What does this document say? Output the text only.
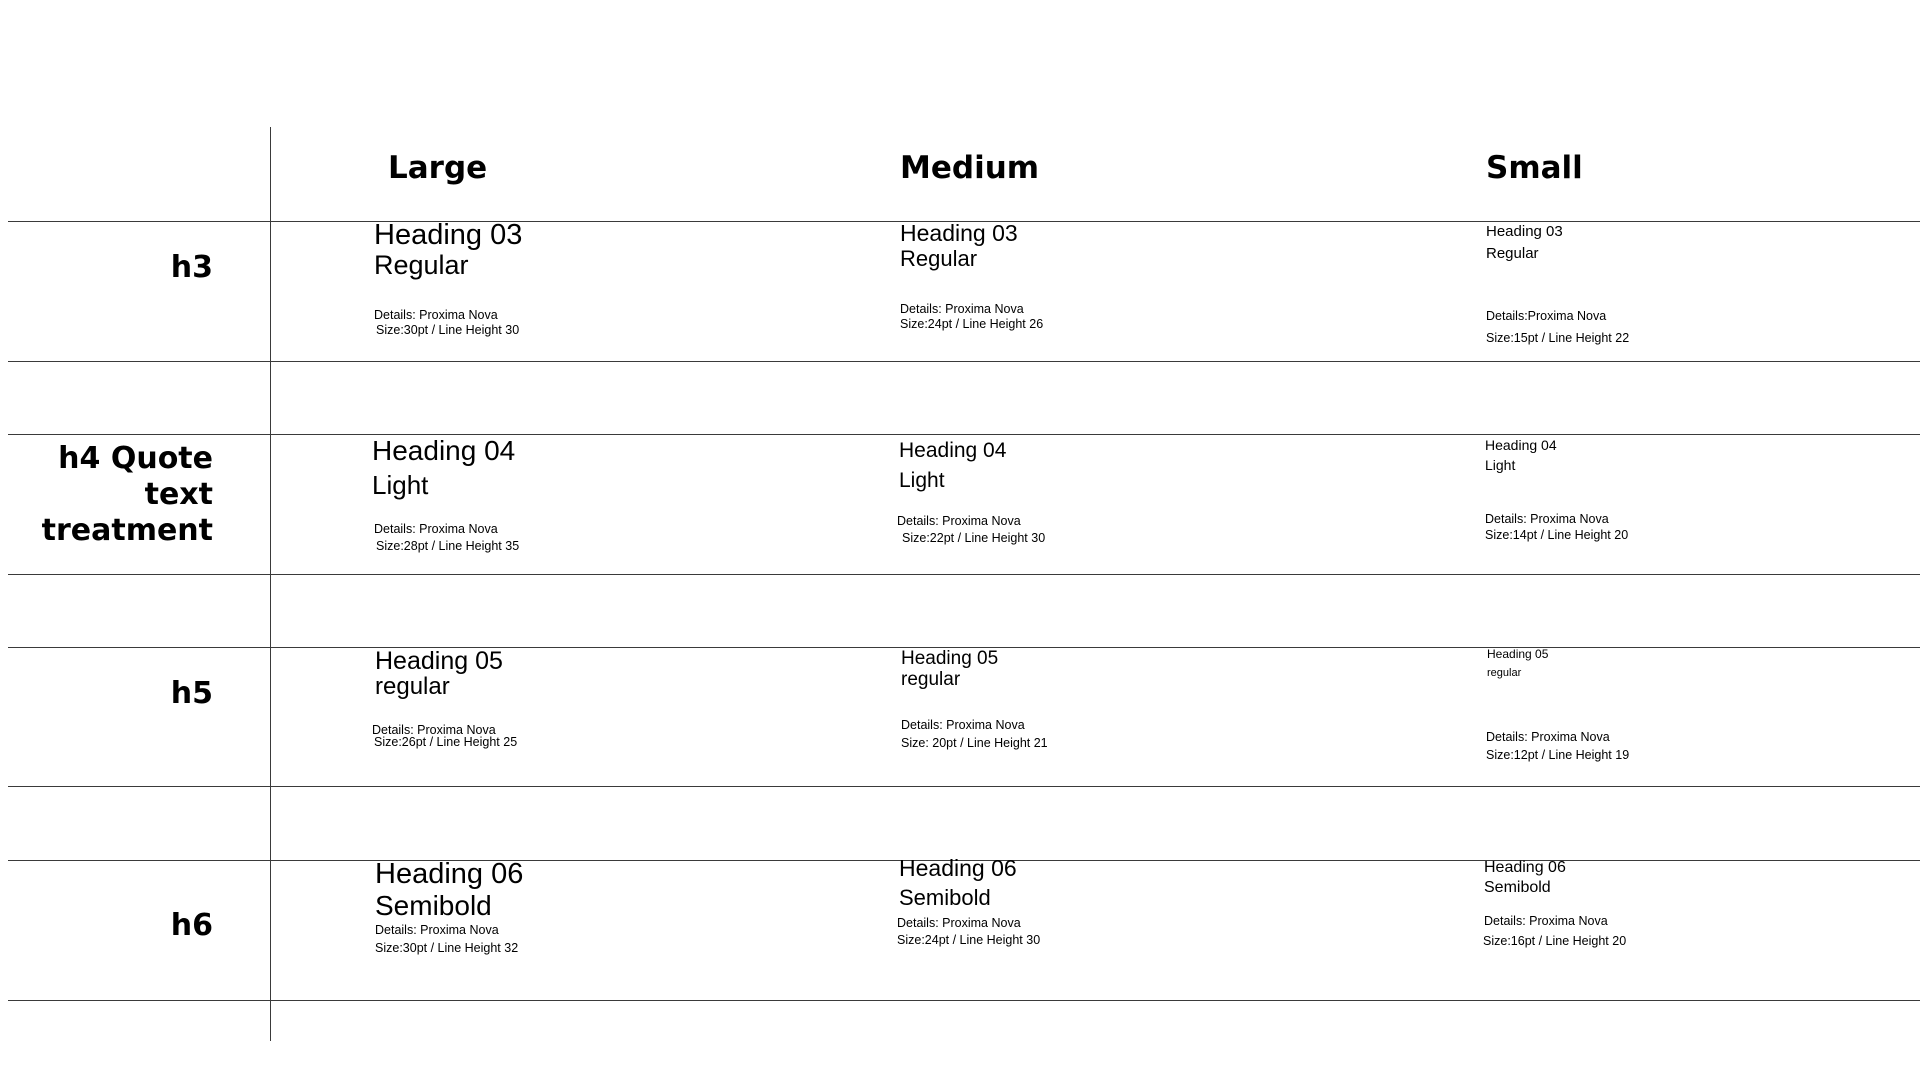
Large	Medium	Small
h3
h4 Quote
text treatment
h5
h6
Heading 03
Regular
Details: Proxima Nova
Size:30pt / Line Height 30
Heading 03
Regular
Details: Proxima Nova
Size:24pt / Line Height 26
Heading 03
Regular
Details:Proxima Nova
Size:15pt / Line Height 22
Heading 04
Light
Details: Proxima Nova
Size:28pt / Line Height 35
Heading 04
Light
Details: Proxima Nova
Size:22pt / Line Height 30
Heading 04
Light
Details: Proxima Nova
Size:14pt / Line Height 20
Heading 05
regular
Details: Proxima Nova
Size:26pt / Line Height 25
Heading 05
regular
Details: Proxima Nova
Size: 20pt / Line Height 21
Heading 05
regular
Details: Proxima Nova
Size:12pt / Line Height 19
Heading 06
Semibold
Details: Proxima Nova
Size:30pt / Line Height 32
Heading 06
Semibold
Details: Proxima Nova
Size:24pt / Line Height 30
Heading 06
Semibold
Details: Proxima Nova
Size:16pt / Line Height 20
